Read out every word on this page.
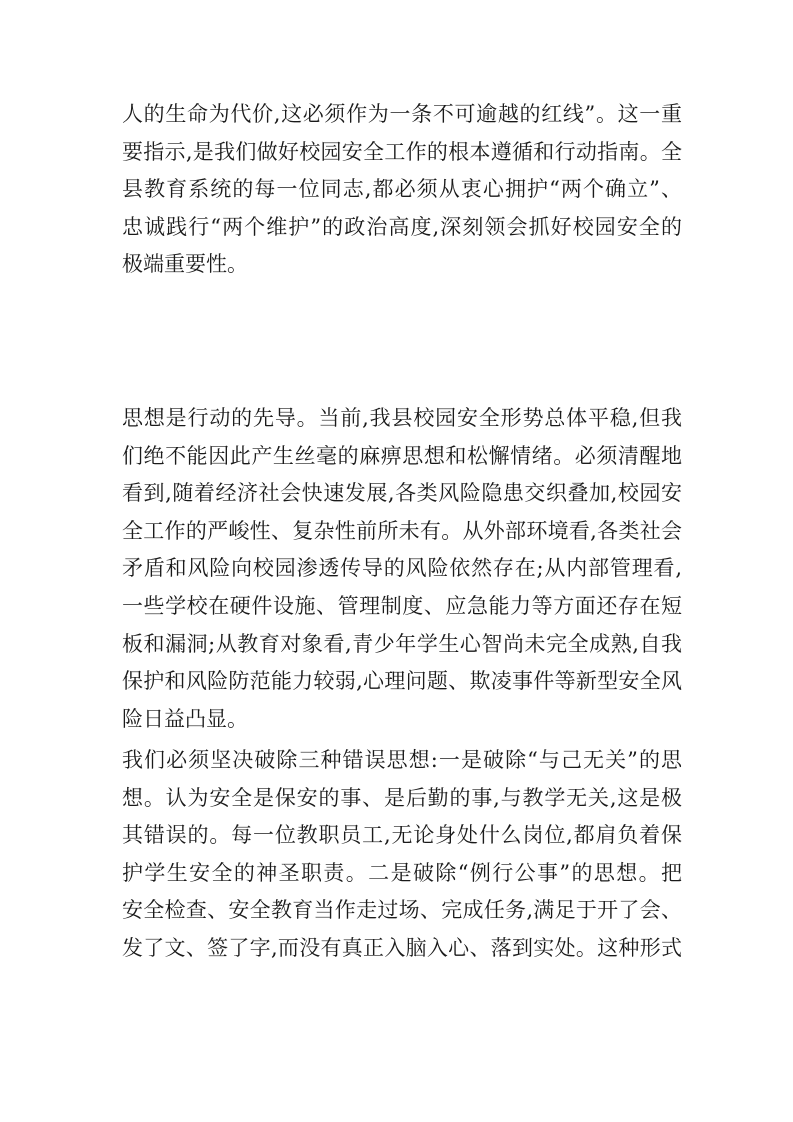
人的生命为代价,这必须作为一条不可逾越的红线”。这一重
要指示,是我们做好校园安全工作的根本遵循和行动指南。全
县教育系统的每一位同志,都必须从衷心拥护“两个确立”、
忠诚践行“两个维护”的政治高度,深刻领会抓好校园安全的
极端重要性。
思想是行动的先导。当前,我县校园安全形势总体平稳,但我
们绝不能因此产生丝毫的麻痹思想和松懈情绪。必须清醒地
看到,随着经济社会快速发展,各类风险隐患交织叠加,校园安
全工作的严峻性、复杂性前所未有。从外部环境看,各类社会
矛盾和风险向校园渗透传导的风险依然存在;从内部管理看,
一些学校在硬件设施、管理制度、应急能力等方面还存在短
板和漏洞;从教育对象看,青少年学生心智尚未完全成熟,自我
保护和风险防范能力较弱,心理问题、欺凌事件等新型安全风
险日益凸显。
我们必须坚决破除三种错误思想:一是破除“与己无关”的思
想。认为安全是保安的事、是后勤的事,与教学无关,这是极
其错误的。每一位教职员工,无论身处什么岗位,都肩负着保
护学生安全的神圣职责。二是破除“例行公事”的思想。把
安全检查、安全教育当作走过场、完成任务,满足于开了会、
发了文、签了字,而没有真正入脑入心、落到实处。这种形式
